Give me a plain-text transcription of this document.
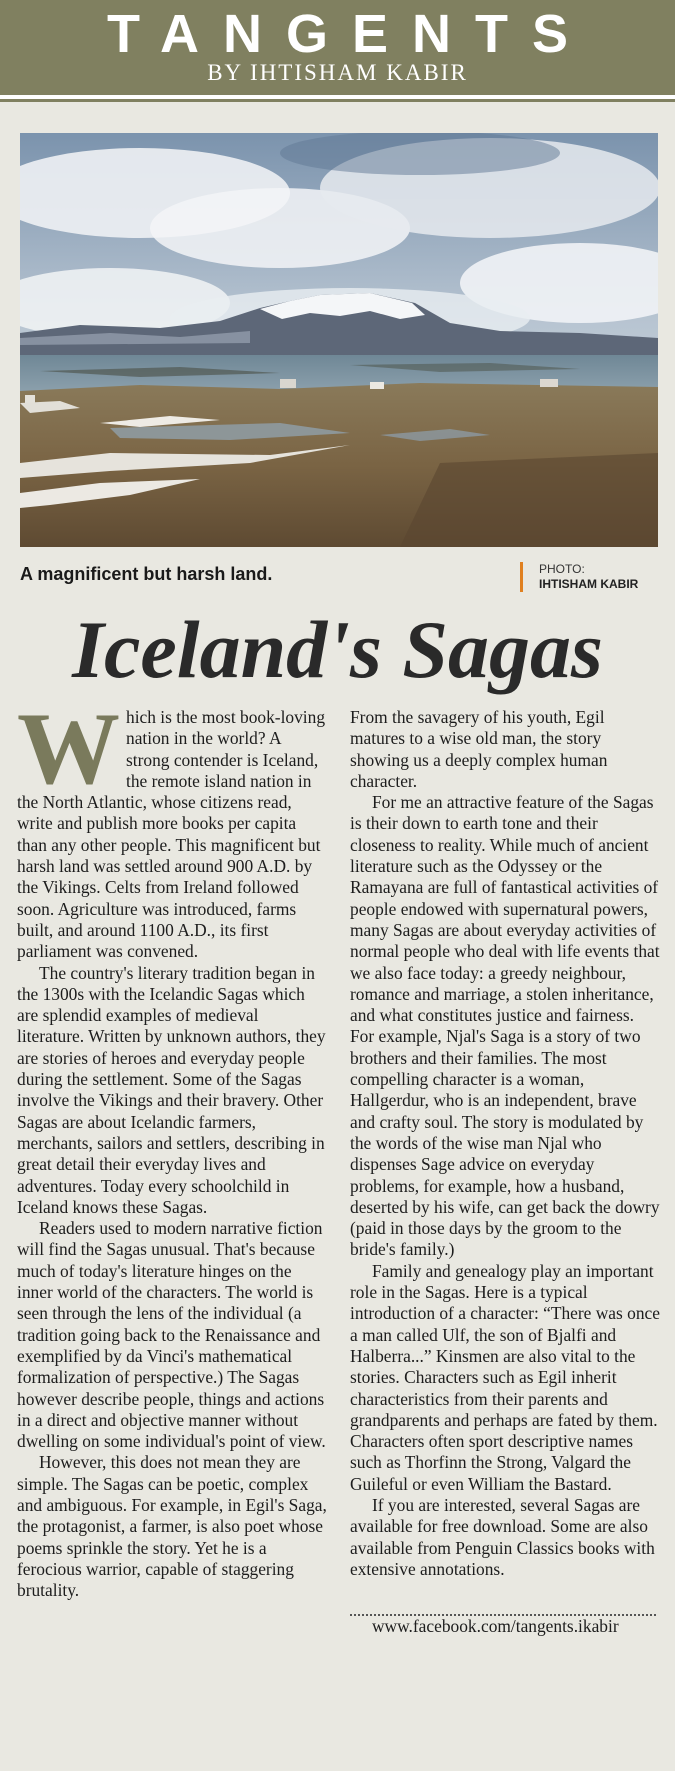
TANGENTS
BY IHTISHAM KABIR
A magnificent but harsh land.	PHOTO:
IHTISHAM KABIR
Iceland's Sagas

Which is the most book-loving nation in the world? A strong contender is Iceland, the remote island nation in the North Atlantic, whose citizens read, write and publish more books per capita than any other people. This magnificent but harsh land was settled around 900 A.D. by the Vikings. Celts from Ireland followed soon. Agriculture was introduced, farms built, and around 1100 A.D., its first parliament was convened.

The country's literary tradition began in the 1300s with the Icelandic Sagas which are splendid examples of medieval literature. Written by unknown authors, they are stories of heroes and everyday people during the settlement. Some of the Sagas involve the Vikings and their bravery. Other Sagas are about Icelandic farmers, merchants, sailors and settlers, describing in great detail their everyday lives and adventures. Today every schoolchild in Iceland knows these Sagas.

Readers used to modern narrative fiction will find the Sagas unusual. That's because much of today's literature hinges on the inner world of the characters. The world is seen through the lens of the individual (a tradition going back to the Renaissance and exemplified by da Vinci's mathematical formalization of perspective.) The Sagas however describe people, things and actions in a direct and objective manner without dwelling on some individual's point of view.

However, this does not mean they are simple. The Sagas can be poetic, complex and ambiguous. For example, in Egil's Saga, the protagonist, a farmer, is also poet whose poems sprinkle the story. Yet he is a ferocious warrior, capable of staggering brutality.

From the savagery of his youth, Egil matures to a wise old man, the story showing us a deeply complex human character.

For me an attractive feature of the Sagas is their down to earth tone and their closeness to reality. While much of ancient literature such as the Odyssey or the Ramayana are full of fantastical activities of people endowed with supernatural powers, many Sagas are about everyday activities of normal people who deal with life events that we also face today: a greedy neighbour, romance and marriage, a stolen inheritance, and what constitutes justice and fairness. For example, Njal's Saga is a story of two brothers and their families. The most compelling character is a woman, Hallgerdur, who is an independent, brave and crafty soul. The story is modulated by the words of the wise man Njal who dispenses Sage advice on everyday problems, for example, how a husband, deserted by his wife, can get back the dowry (paid in those days by the groom to the bride's family.)

Family and genealogy play an important role in the Sagas. Here is a typical introduction of a character: “There was once a man called Ulf, the son of Bjalfi and Halberra...” Kinsmen are also vital to the stories. Characters such as Egil inherit characteristics from their parents and grandparents and perhaps are fated by them. Characters often sport descriptive names such as Thorfinn the Strong, Valgard the Guileful or even William the Bastard.

If you are interested, several Sagas are available for free download. Some are also available from Penguin Classics books with extensive annotations.

www.facebook.com/tangents.ikabir
